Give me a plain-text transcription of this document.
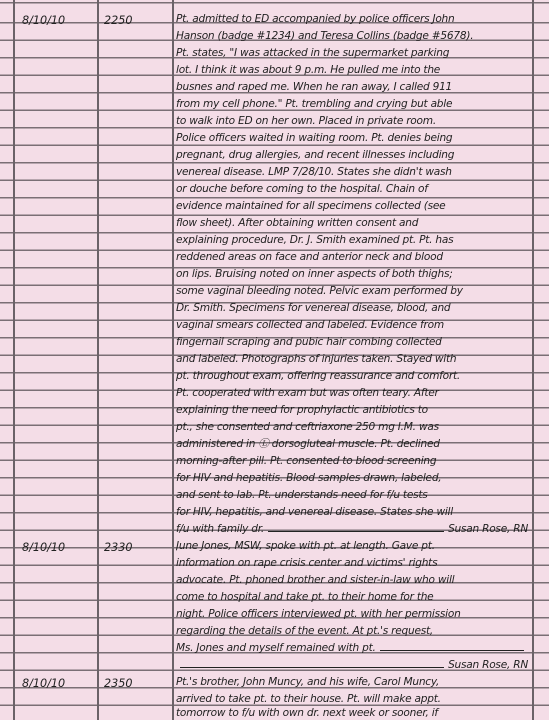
8/10/10	2250	Pt. admitted to ED accompanied by police officers John
Hanson (badge #1234) and Teresa Collins (badge #5678).
Pt. states, "I was attacked in the supermarket parking
lot. I think it was about 9 p.m. He pulled me into the
busnes and raped me. When he ran away, I called 911
from my cell phone." Pt. trembling and crying but able
to walk into ED on her own. Placed in private room.
Police officers waited in waiting room. Pt. denies being
pregnant, drug allergies, and recent illnesses including
venereal disease. LMP 7/28/10. States she didn't wash
or douche before coming to the hospital. Chain of
evidence maintained for all specimens collected (see
flow sheet). After obtaining written consent and
explaining procedure, Dr. J. Smith examined pt. Pt. has
reddened areas on face and anterior neck and blood
on lips. Bruising noted on inner aspects of both thighs;
some vaginal bleeding noted. Pelvic exam performed by
Dr. Smith. Specimens for venereal disease, blood, and
vaginal smears collected and labeled. Evidence from
fingernail scraping and pubic hair combing collected
and labeled. Photographs of injuries taken. Stayed with
pt. throughout exam, offering reassurance and comfort.
Pt. cooperated with exam but was often teary. After
explaining the need for prophylactic antibiotics to
pt., she consented and ceftriaxone 250 mg I.M. was
administered in Ⓛ dorsogluteal muscle. Pt. declined
morning-after pill. Pt. consented to blood screening
for HIV and hepatitis. Blood samples drawn, labeled,
and sent to lab. Pt. understands need for f/u tests
for HIV, hepatitis, and venereal disease. States she will
f/u with family dr.	Susan Rose, RN
8/10/10	2330	June Jones, MSW, spoke with pt. at length. Gave pt.
information on rape crisis center and victims' rights
advocate. Pt. phoned brother and sister-in-law who will
come to hospital and take pt. to their home for the
night. Police officers interviewed pt. with her permission
regarding the details of the event. At pt.'s request,
Ms. Jones and myself remained with pt.
Susan Rose, RN
8/10/10	2350	Pt.'s brother, John Muncy, and his wife, Carol Muncy,
arrived to take pt. to their house. Pt. will make appt.
tomorrow to f/u with own dr. next week or sooner, if
